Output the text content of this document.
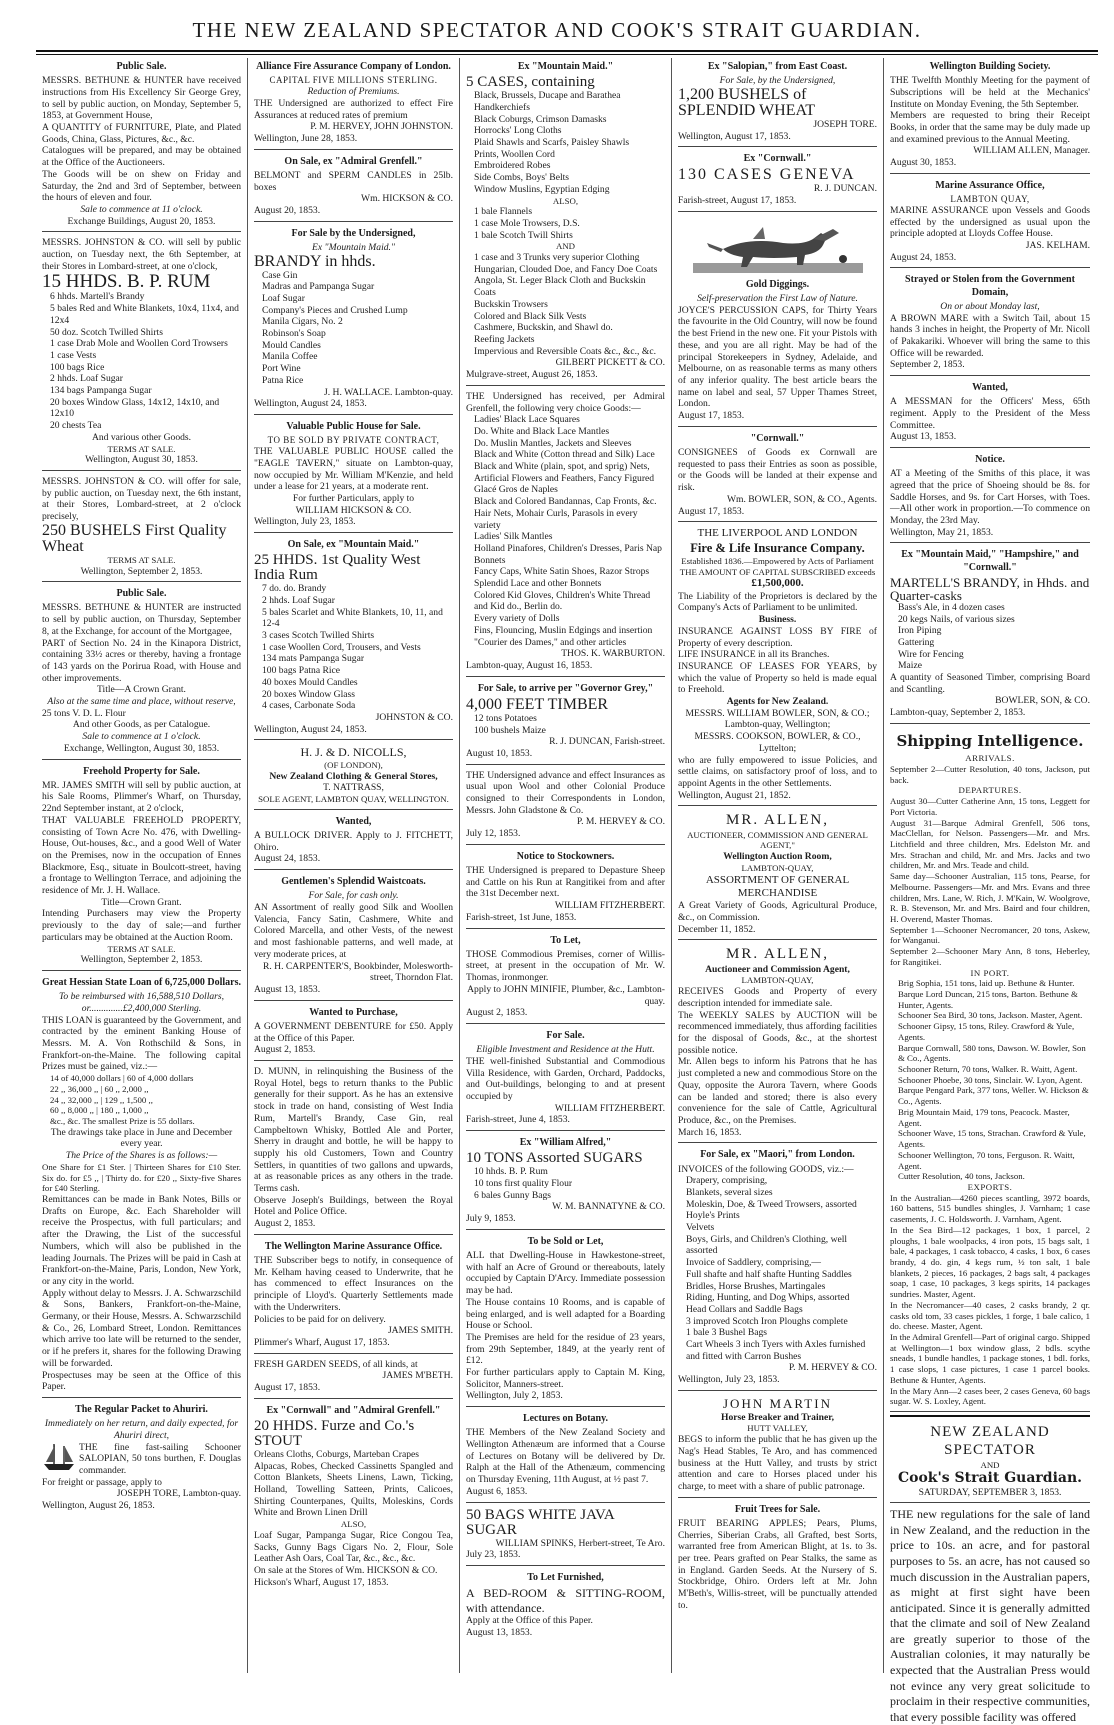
THE NEW ZEALAND SPECTATOR AND COOK'S STRAIT GUARDIAN.
Public Sale.

MESSRS. BETHUNE & HUNTER have received instructions from His Excellency Sir George Grey, to sell by public auction, on Monday, September 5, 1853, at Government House,

A QUANTITY of FURNITURE, Plate, and Plated Goods, China, Glass, Pictures, &c., &c.

Catalogues will be prepared, and may be obtained at the Office of the Auctioneers.

The Goods will be on shew on Friday and Saturday, the 2nd and 3rd of September, between the hours of eleven and four.

Sale to commence at 11 o'clock.

Exchange Buildings, August 20, 1853.

MESSRS. JOHNSTON & CO. will sell by public auction, on Tuesday next, the 6th September, at their Stores in Lombard-street, at one o'clock,

15 HHDS. B. P. RUM
6 hhds. Martell's Brandy
5 bales Red and White Blankets, 10x4, 11x4, and 12x4
50 doz. Scotch Twilled Shirts
1 case Drab Mole and Woollen Cord Trowsers
1 case Vests
100 bags Rice
2 hhds. Loaf Sugar
134 bags Pampanga Sugar
20 boxes Window Glass, 14x12, 14x10, and 12x10
20 chests Tea

And various other Goods.

TERMS AT SALE.

Wellington, August 30, 1853.

MESSRS. JOHNSTON & CO. will offer for sale, by public auction, on Tuesday next, the 6th instant, at their Stores, Lombard-street, at 2 o'clock precisely,

250 BUSHELS First Quality Wheat

TERMS AT SALE.

Wellington, September 2, 1853.

Public Sale.

MESSRS. BETHUNE & HUNTER are instructed to sell by public auction, on Thursday, September 8, at the Exchange, for account of the Mortgagee,

PART of Section No. 24 in the Kinapora District, containing 33½ acres or thereby, having a frontage of 143 yards on the Porirua Road, with House and other improvements.

Title—A Crown Grant.

Also at the same time and place, without reserve,

25 tons V. D. L. Flour

And other Goods, as per Catalogue.

Sale to commence at 1 o'clock.

Exchange, Wellington, August 30, 1853.

Freehold Property for Sale.

MR. JAMES SMITH will sell by public auction, at his Sale Rooms, Plimmer's Wharf, on Thursday, 22nd September instant, at 2 o'clock,

THAT VALUABLE FREEHOLD PROPERTY, consisting of Town Acre No. 476, with Dwelling-House, Out-houses, &c., and a good Well of Water on the Premises, now in the occupation of Ennes Blackmore, Esq., situate in Boulcott-street, having a frontage to Wellington Terrace, and adjoining the residence of Mr. J. H. Wallace.

Title—Crown Grant.

Intending Purchasers may view the Property previously to the day of sale;—and further particulars may be obtained at the Auction Room.

TERMS AT SALE.

Wellington, September 2, 1853.

Great Hessian State Loan of 6,725,000 Dollars.

To be reimbursed with 16,588,510 Dollars, or..............£2,400,000 Sterling.

THIS LOAN is guaranteed by the Government, and contracted by the eminent Banking House of Messrs. M. A. Von Rothschild & Sons, in Frankfort-on-the-Maine. The following capital Prizes must be gained, viz.:—

14 of 40,000 dollars | 60 of 4,000 dollars
22 ,, 36,000 ,, | 60 ,, 2,000 ,,
24 ,, 32,000 ,, | 129 ,, 1,500 ,,
60 ,, 8,000 ,, | 180 ,, 1,000 ,,
&c., &c. The smallest Prize is 55 dollars.

The drawings take place in June and December every year.

The Price of the Shares is as follows:—

One Share for £1 Ster. | Thirteen Shares for £10 Ster. Six do. for £5 ,, | Thirty do. for £20 ,, Sixty-five Shares for £40 Sterling.

Remittances can be made in Bank Notes, Bills or Drafts on Europe, &c. Each Shareholder will receive the Prospectus, with full particulars; and after the Drawing, the List of the successful Numbers, which will also be published in the leading Journals. The Prizes will be paid in Cash at Frankfort-on-the-Maine, Paris, London, New York, or any city in the world.

Apply without delay to Messrs. J. A. Schwarzschild & Sons, Bankers, Frankfort-on-the-Maine, Germany, or their House, Messrs. A. Schwarzschild & Co., 26, Lombard Street, London. Remittances which arrive too late will be returned to the sender, or if he prefers it, shares for the following Drawing will be forwarded.

Prospectuses may be seen at the Office of this Paper.

The Regular Packet to Ahuriri.

Immediately on her return, and daily expected, for Ahuriri direct,

THE fine fast-sailing Schooner SALOPIAN, 50 tons burthen, F. Douglas commander.

For freight or passage, apply to

JOSEPH TORE, Lambton-quay.

Wellington, August 26, 1853.

Alliance Fire Assurance Company of London.

CAPITAL FIVE MILLIONS STERLING.

Reduction of Premiums.

THE Undersigned are authorized to effect Fire Assurances at reduced rates of premium

P. M. HERVEY, JOHN JOHNSTON.

Wellington, June 28, 1853.

On Sale, ex "Admiral Grenfell."

BELMONT and SPERM CANDLES in 25lb. boxes

Wm. HICKSON & CO.

August 20, 1853.

For Sale by the Undersigned,

Ex "Mountain Maid."

BRANDY in hhds.
Case Gin
Madras and Pampanga Sugar
Loaf Sugar
Company's Pieces and Crushed Lump
Manila Cigars, No. 2
Robinson's Soap
Mould Candles
Manila Coffee
Port Wine
Patna Rice

J. H. WALLACE. Lambton-quay.

Wellington, August 24, 1853.

Valuable Public House for Sale.

TO BE SOLD BY PRIVATE CONTRACT,

THE VALUABLE PUBLIC HOUSE called the "EAGLE TAVERN," situate on Lambton-quay, now occupied by Mr. William M'Kenzie, and held under a lease for 21 years, at a moderate rent.

For further Particulars, apply to

WILLIAM HICKSON & CO.

Wellington, July 23, 1853.

On Sale, ex "Mountain Maid."
25 HHDS. 1st Quality West India Rum
7 do. do. Brandy
2 hhds. Loaf Sugar
5 bales Scarlet and White Blankets, 10, 11, and 12-4
3 cases Scotch Twilled Shirts
1 case Woollen Cord, Trousers, and Vests
134 mats Pampanga Sugar
100 bags Patna Rice
40 boxes Mould Candles
20 boxes Window Glass
4 cases, Carbonate Soda

JOHNSTON & CO.

Wellington, August 24, 1853.

H. J. & D. NICOLLS,

(OF LONDON),

New Zealand Clothing & General Stores,

T. NATTRASS,

SOLE AGENT, LAMBTON QUAY, WELLINGTON.

Wanted,

A BULLOCK DRIVER. Apply to J. FITCHETT, Ohiro.

August 24, 1853.

Gentlemen's Splendid Waistcoats.

For Sale, for cash only.

AN Assortment of really good Silk and Woollen Valencia, Fancy Satin, Cashmere, White and Colored Marcella, and other Vests, of the newest and most fashionable patterns, and well made, at very moderate prices, at

R. H. CARPENTER'S, Bookbinder, Molesworth-street, Thorndon Flat.

August 13, 1853.

Wanted to Purchase,

A GOVERNMENT DEBENTURE for £50. Apply at the Office of this Paper.

August 2, 1853.

D. MUNN, in relinquishing the Business of the Royal Hotel, begs to return thanks to the Public generally for their support. As he has an extensive stock in trade on hand, consisting of West India Rum, Martell's Brandy, Case Gin, real Campbeltown Whisky, Bottled Ale and Porter, Sherry in draught and bottle, he will be happy to supply his old Customers, Town and Country Settlers, in quantities of two gallons and upwards, at as reasonable prices as any others in the trade. Terms cash.

Observe Joseph's Buildings, between the Royal Hotel and Police Office.

August 2, 1853.

The Wellington Marine Assurance Office.

THE Subscriber begs to notify, in consequence of Mr. Kelham having ceased to Underwrite, that he has commenced to effect Insurances on the principle of Lloyd's. Quarterly Settlements made with the Underwriters.

Policies to be paid for on delivery.

JAMES SMITH.

Plimmer's Wharf, August 17, 1853.

FRESH GARDEN SEEDS, of all kinds, at

JAMES M'BETH.

August 17, 1853.

Ex "Cornwall" and "Admiral Grenfell."
20 HHDS. Furze and Co.'s STOUT

Orleans Cloths, Coburgs, Marteban Crapes

Alpacas, Robes, Checked Cassinetts Spangled and Cotton Blankets, Sheets Linens, Lawn, Ticking, Holland, Towelling Satteen, Prints, Calicoes, Shirting Counterpanes, Quilts, Moleskins, Cords White and Brown Linen Drill

ALSO,

Loaf Sugar, Pampanga Sugar, Rice Congou Tea, Sacks, Gunny Bags Cigars No. 2, Flour, Sole Leather Ash Oars, Coal Tar, &c., &c., &c.

On sale at the Stores of Wm. HICKSON & CO.

Hickson's Wharf, August 17, 1853.

Ex "Mountain Maid."
5 CASES, containing
Black, Brussels, Ducape and Barathea Handkerchiefs
Black Coburgs, Crimson Damasks
Horrocks' Long Cloths
Plaid Shawls and Scarfs, Paisley Shawls
Prints, Woollen Cord
Embroidered Robes
Side Combs, Boys' Belts
Window Muslins, Egyptian Edging

ALSO,

1 bale Flannels
1 case Mole Trowsers, D.S.
1 bale Scotch Twill Shirts

AND

1 case and 3 Trunks very superior Clothing
Hungarian, Clouded Doe, and Fancy Doe Coats
Angola, St. Leger Black Cloth and Buckskin Coats
Buckskin Trowsers
Colored and Black Silk Vests
Cashmere, Buckskin, and Shawl do.
Reefing Jackets
Impervious and Reversible Coats &c., &c., &c.

GILBERT PICKETT & CO.

Mulgrave-street, August 26, 1853.

THE Undersigned has received, per Admiral Grenfell, the following very choice Goods:—

Ladies' Black Lace Squares
Do. White and Black Lace Mantles
Do. Muslin Mantles, Jackets and Sleeves
Black and White (Cotton thread and Silk) Lace
Black and White (plain, spot, and sprig) Nets, Artificial Flowers and Feathers, Fancy Figured Glacé Gros de Naples
Black and Colored Bandannas, Cap Fronts, &c.
Hair Nets, Mohair Curls, Parasols in every variety
Ladies' Silk Mantles
Holland Pinafores, Children's Dresses, Paris Nap Bonnets
Fancy Caps, White Satin Shoes, Razor Strops
Splendid Lace and other Bonnets
Colored Kid Gloves, Children's White Thread and Kid do., Berlin do.
Every variety of Dolls
Fins, Flouncing, Muslin Edgings and insertion "Courier des Dames," and other articles

THOS. K. WARBURTON.

Lambton-quay, August 16, 1853.

For Sale, to arrive per "Governor Grey,"
4,000 FEET TIMBER
12 tons Potatoes
100 bushels Maize

R. J. DUNCAN, Farish-street.

August 10, 1853.

THE Undersigned advance and effect Insurances as usual upon Wool and other Colonial Produce consigned to their Correspondents in London, Messrs. John Gladstone & Co.

P. M. HERVEY & CO.

July 12, 1853.

Notice to Stockowners.

THE Undersigned is prepared to Depasture Sheep and Cattle on his Run at Rangitikei from and after the 31st December next.

WILLIAM FITZHERBERT.

Farish-street, 1st June, 1853.

To Let,

THOSE Commodious Premises, corner of Willis-street, at present in the occupation of Mr. W. Thomas, ironmonger.

Apply to JOHN MINIFIE, Plumber, &c., Lambton-quay.

August 2, 1853.

For Sale.

Eligible Investment and Residence at the Hutt.

THE well-finished Substantial and Commodious Villa Residence, with Garden, Orchard, Paddocks, and Out-buildings, belonging to and at present occupied by

WILLIAM FITZHERBERT.

Farish-street, June 4, 1853.

Ex "William Alfred,"
10 TONS Assorted SUGARS
10 hhds. B. P. Rum
10 tons first quality Flour
6 bales Gunny Bags

W. M. BANNATYNE & CO.

July 9, 1853.

To be Sold or Let,

ALL that Dwelling-House in Hawkestone-street, with half an Acre of Ground or thereabouts, lately occupied by Captain D'Arcy. Immediate possession may be had.

The House contains 10 Rooms, and is capable of being enlarged, and is well adapted for a Boarding House or School.

The Premises are held for the residue of 23 years, from 29th September, 1849, at the yearly rent of £12.

For further particulars apply to Captain M. King, Solicitor, Manners-street.

Wellington, July 2, 1853.

Lectures on Botany.

THE Members of the New Zealand Society and Wellington Athenæum are informed that a Course of Lectures on Botany will be delivered by Dr. Ralph at the Hall of the Athenæum, commencing on Thursday Evening, 11th August, at ½ past 7.

August 6, 1853.

50 BAGS WHITE JAVA SUGAR

WILLIAM SPINKS, Herbert-street, Te Aro.

July 23, 1853.

To Let Furnished,

A BED-ROOM & SITTING-ROOM, with attendance.

Apply at the Office of this Paper.

August 13, 1853.

Ex "Salopian," from East Coast.

For Sale, by the Undersigned,

1,200 BUSHELS of SPLENDID WHEAT

JOSEPH TORE.

Wellington, August 17, 1853.

Ex "Cornwall."
130 CASES GENEVA

R. J. DUNCAN.

Farish-street, August 17, 1853.

Gold Diggings.

Self-preservation the First Law of Nature.

JOYCE'S PERCUSSION CAPS, for Thirty Years the favourite in the Old Country, will now be found the best Friend in the new one. Fit your Pistols with these, and you are all right. May be had of the principal Storekeepers in Sydney, Adelaide, and Melbourne, on as reasonable terms as many others of any inferior quality. The best article bears the name on label and seal, 57 Upper Thames Street, London.

August 17, 1853.

"Cornwall."

CONSIGNEES of Goods ex Cornwall are requested to pass their Entries as soon as possible, or the Goods will be landed at their expense and risk.

Wm. BOWLER, SON, & CO., Agents.

August 17, 1853.

THE LIVERPOOL AND LONDON
Fire & Life Insurance Company.

Established 1836.—Empowered by Acts of Parliament

THE AMOUNT OF CAPITAL SUBSCRIBED exceeds

£1,500,000.

The Liability of the Proprietors is declared by the Company's Acts of Parliament to be unlimited.

Business.

INSURANCE AGAINST LOSS BY FIRE of Property of every description.

LIFE INSURANCE in all its Branches.

INSURANCE OF LEASES FOR YEARS, by which the value of Property so held is made equal to Freehold.

Agents for New Zealand.

MESSRS. WILLIAM BOWLER, SON, & CO.; Lambton-quay, Wellington;

MESSRS. COOKSON, BOWLER, & CO., Lyttelton;

who are fully empowered to issue Policies, and settle claims, on satisfactory proof of loss, and to appoint Agents in the other Settlements.

Wellington, August 21, 1852.

MR. ALLEN,

AUCTIONEER, COMMISSION AND GENERAL AGENT,"

Wellington Auction Room,

LAMBTON-QUAY,

ASSORTMENT OF GENERAL MERCHANDISE

A Great Variety of Goods, Agricultural Produce, &c., on Commission.

December 11, 1852.

MR. ALLEN,

Auctioneer and Commission Agent,

LAMBTON-QUAY,

RECEIVES Goods and Property of every description intended for immediate sale.

The WEEKLY SALES by AUCTION will be recommenced immediately, thus affording facilities for the disposal of Goods, &c., at the shortest possible notice.

Mr. Allen begs to inform his Patrons that he has just completed a new and commodious Store on the Quay, opposite the Aurora Tavern, where Goods can be landed and stored; there is also every convenience for the sale of Cattle, Agricultural Produce, &c., on the Premises.

March 16, 1853.

For Sale, ex "Maori," from London.

INVOICES of the following GOODS, viz.:—

Drapery, comprising,
Blankets, several sizes
Moleskin, Doe, & Tweed Trowsers, assorted
Hoyle's Prints
Velvets
Boys, Girls, and Children's Clothing, well assorted
Invoice of Saddlery, comprising,—
Full shafte and half shafte Hunting Saddles
Bridles, Horse Brushes, Martingales
Riding, Hunting, and Dog Whips, assorted
Head Collars and Saddle Bags
3 improved Scotch Iron Ploughs complete
1 bale 3 Bushel Bags
Cart Wheels 3 inch Tyers with Axles furnished and fitted with Carron Bushes

P. M. HERVEY & CO.

Wellington, July 23, 1853.

JOHN MARTIN

Horse Breaker and Trainer,

HUTT VALLEY,

BEGS to inform the public that he has given up the Nag's Head Stables, Te Aro, and has commenced business at the Hutt Valley, and trusts by strict attention and care to Horses placed under his charge, to meet with a share of public patronage.

Fruit Trees for Sale.

FRUIT BEARING APPLES; Pears, Plums, Cherries, Siberian Crabs, all Grafted, best Sorts, warranted free from American Blight, at 1s. to 3s. per tree. Pears grafted on Pear Stalks, the same as in England. Garden Seeds. At the Nursery of S. Stockbridge, Ohiro. Orders left at Mr. John M'Beth's, Willis-street, will be punctually attended to.

Wellington Building Society.

THE Twelfth Monthly Meeting for the payment of Subscriptions will be held at the Mechanics' Institute on Monday Evening, the 5th September.

Members are requested to bring their Receipt Books, in order that the same may be duly made up and examined previous to the Annual Meeting.

WILLIAM ALLEN, Manager.

August 30, 1853.

Marine Assurance Office,

LAMBTON QUAY,

MARINE ASSURANCE upon Vessels and Goods effected by the undersigned as usual upon the principle adopted at Lloyds Coffee House.

JAS. KELHAM.

August 24, 1853.

Strayed or Stolen from the Government Domain,

On or about Monday last,

A BROWN MARE with a Switch Tail, about 15 hands 3 inches in height, the Property of Mr. Nicoll of Pakakariki. Whoever will bring the same to this Office will be rewarded.

September 2, 1853.

Wanted,

A MESSMAN for the Officers' Mess, 65th regiment. Apply to the President of the Mess Committee.

August 13, 1853.

Notice.

AT a Meeting of the Smiths of this place, it was agreed that the price of Shoeing should be 8s. for Saddle Horses, and 9s. for Cart Horses, with Toes.—All other work in proportion.—To commence on Monday, the 23rd May.

Wellington, May 21, 1853.

Ex "Mountain Maid," "Hampshire," and "Cornwall."
MARTELL'S BRANDY, in Hhds. and Quarter-casks
Bass's Ale, in 4 dozen cases
20 kegs Nails, of various sizes
Iron Piping
Gattering
Wire for Fencing
Maize

A quantity of Seasoned Timber, comprising Board and Scantling.

BOWLER, SON, & CO.

Lambton-quay, September 2, 1853.

Shipping Intelligence.

ARRIVALS.

September 2—Cutter Resolution, 40 tons, Jackson, put back.

DEPARTURES.

August 30—Cutter Catherine Ann, 15 tons, Leggett for Port Victoria.

August 31—Barque Admiral Grenfell, 506 tons, MacClellan, for Nelson. Passengers—Mr. and Mrs. Litchfield and three children, Mrs. Edelston Mr. and Mrs. Strachan and child, Mr. and Mrs. Jacks and two children, Mr. and Mrs. Teade and child.

Same day—Schooner Australian, 115 tons, Pearse, for Melbourne. Passengers—Mr. and Mrs. Evans and three children, Mrs. Lane, W. Rich, J. M'Kain, W. Woolgrove, R. B. Stevenson, Mr. and Mrs. Baird and four children, H. Overend, Master Thomas.

September 1—Schooner Necromancer, 20 tons, Askew, for Wanganui.

September 2—Schooner Mary Ann, 8 tons, Heberley, for Rangitikei.

IN PORT.

Brig Sophia, 151 tons, laid up. Bethune & Hunter.
Barque Lord Duncan, 215 tons, Barton. Bethune & Hunter, Agents.
Schooner Sea Bird, 30 tons, Jackson. Master, Agent.
Schooner Gipsy, 15 tons, Riley. Crawford & Yule, Agents.
Barque Cornwall, 580 tons, Dawson. W. Bowler, Son & Co., Agents.
Schooner Return, 70 tons, Walker. R. Waitt, Agent.
Schooner Phoebe, 30 tons, Sinclair. W. Lyon, Agent.
Barque Pengard Park, 377 tons, Weller. W. Hickson & Co., Agents.
Brig Mountain Maid, 179 tons, Peacock. Master, Agent.
Schooner Wave, 15 tons, Strachan. Crawford & Yule, Agents.
Schooner Wellington, 70 tons, Ferguson. R. Waitt, Agent.
Cutter Resolution, 40 tons, Jackson.

EXPORTS.

In the Australian—4260 pieces scantling, 3972 boards, 160 battens, 515 bundles shingles, J. Varnham; 1 case casements, J. C. Holdsworth. J. Varnham, Agent.

In the Sea Bird—12 packages, 1 box, 1 parcel, 2 ploughs, 1 bale woolpacks, 4 iron pots, 15 bags salt, 1 bale, 4 packages, 1 cask tobacco, 4 casks, 1 box, 6 cases brandy, 4 do. gin, 4 kegs rum, ½ ton salt, 1 bale blankets, 2 pieces, 16 packages, 2 bags salt, 4 packages soap, 1 case, 10 packages, 3 kegs spirits, 14 packages sundries. Master, Agent.

In the Necromancer—40 cases, 2 casks brandy, 2 qr. casks old tom, 33 cases pickles, 1 forge, 1 bale calico, 1 do. cheese. Master, Agent.

In the Admiral Grenfell—Part of original cargo. Shipped at Wellington—1 box window glass, 2 bdls. scythe sneads, 1 bundle handles, 1 package stones, 1 bdl. forks, 1 case slops, 1 case pictures, 1 case 1 parcel books. Bethune & Hunter, Agents.

In the Mary Ann—2 cases beer, 2 cases Geneva, 60 bags sugar. W. S. Loxley, Agent.

NEW ZEALAND SPECTATOR

AND

Cook's Strait Guardian.

SATURDAY, SEPTEMBER 3, 1853.

THE new regulations for the sale of land in New Zealand, and the reduction in the price to 10s. an acre, and for pastoral purposes to 5s. an acre, has not caused so much discussion in the Australian papers, as might at first sight have been anticipated. Since it is generally admitted that the climate and soil of New Zealand are greatly superior to those of the Australian colonies, it may naturally be expected that the Australian Press would not evince any very great solicitude to proclaim in their respective communities, that every possible facility was offered
